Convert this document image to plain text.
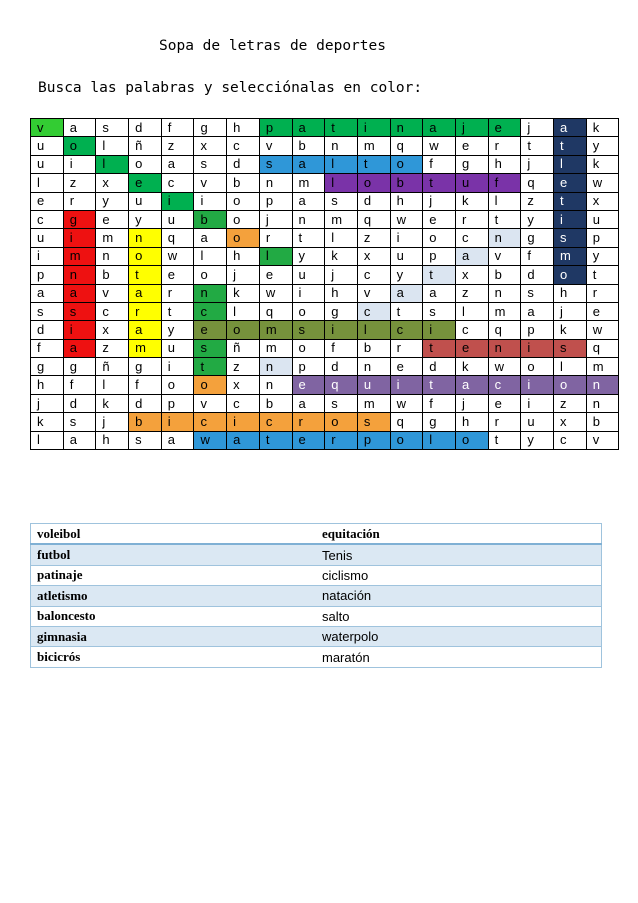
Sopa de letras de deportes
Busca las palabras y selecciónalas en color:
v	a	s	d	f	g	h	p	a	t	i	n	a	j	e	j	a	k
u	o	l	ñ	z	x	c	v	b	n	m	q	w	e	r	t	t	y
u	i	l	o	a	s	d	s	a	l	t	o	f	g	h	j	l	k
l	z	x	e	c	v	b	n	m	l	o	b	t	u	f	q	e	w
e	r	y	u	i	i	o	p	a	s	d	h	j	k	l	z	t	x
c	g	e	y	u	b	o	j	n	m	q	w	e	r	t	y	i	u
u	i	m	n	q	a	o	r	t	l	z	i	o	c	n	g	s	p
i	m	n	o	w	l	h	l	y	k	x	u	p	a	v	f	m	y
p	n	b	t	e	o	j	e	u	j	c	y	t	x	b	d	o	t
a	a	v	a	r	n	k	w	i	h	v	a	a	z	n	s	h	r
s	s	c	r	t	c	l	q	o	g	c	t	s	l	m	a	j	e
d	i	x	a	y	e	o	m	s	i	l	c	i	c	q	p	k	w
f	a	z	m	u	s	ñ	m	o	f	b	r	t	e	n	i	s	q
g	g	ñ	g	i	t	z	n	p	d	n	e	d	k	w	o	l	m
h	f	l	f	o	o	x	n	e	q	u	i	t	a	c	i	o	n
j	d	k	d	p	v	c	b	a	s	m	w	f	j	e	i	z	n
k	s	j	b	i	c	i	c	r	o	s	q	g	h	r	u	x	b
l	a	h	s	a	w	a	t	e	r	p	o	l	o	t	y	c	v
voleibol	equitación
futbol	Tenis
patinaje	ciclismo
atletismo	natación
baloncesto	salto
gimnasia	waterpolo
bicicrós	maratón
